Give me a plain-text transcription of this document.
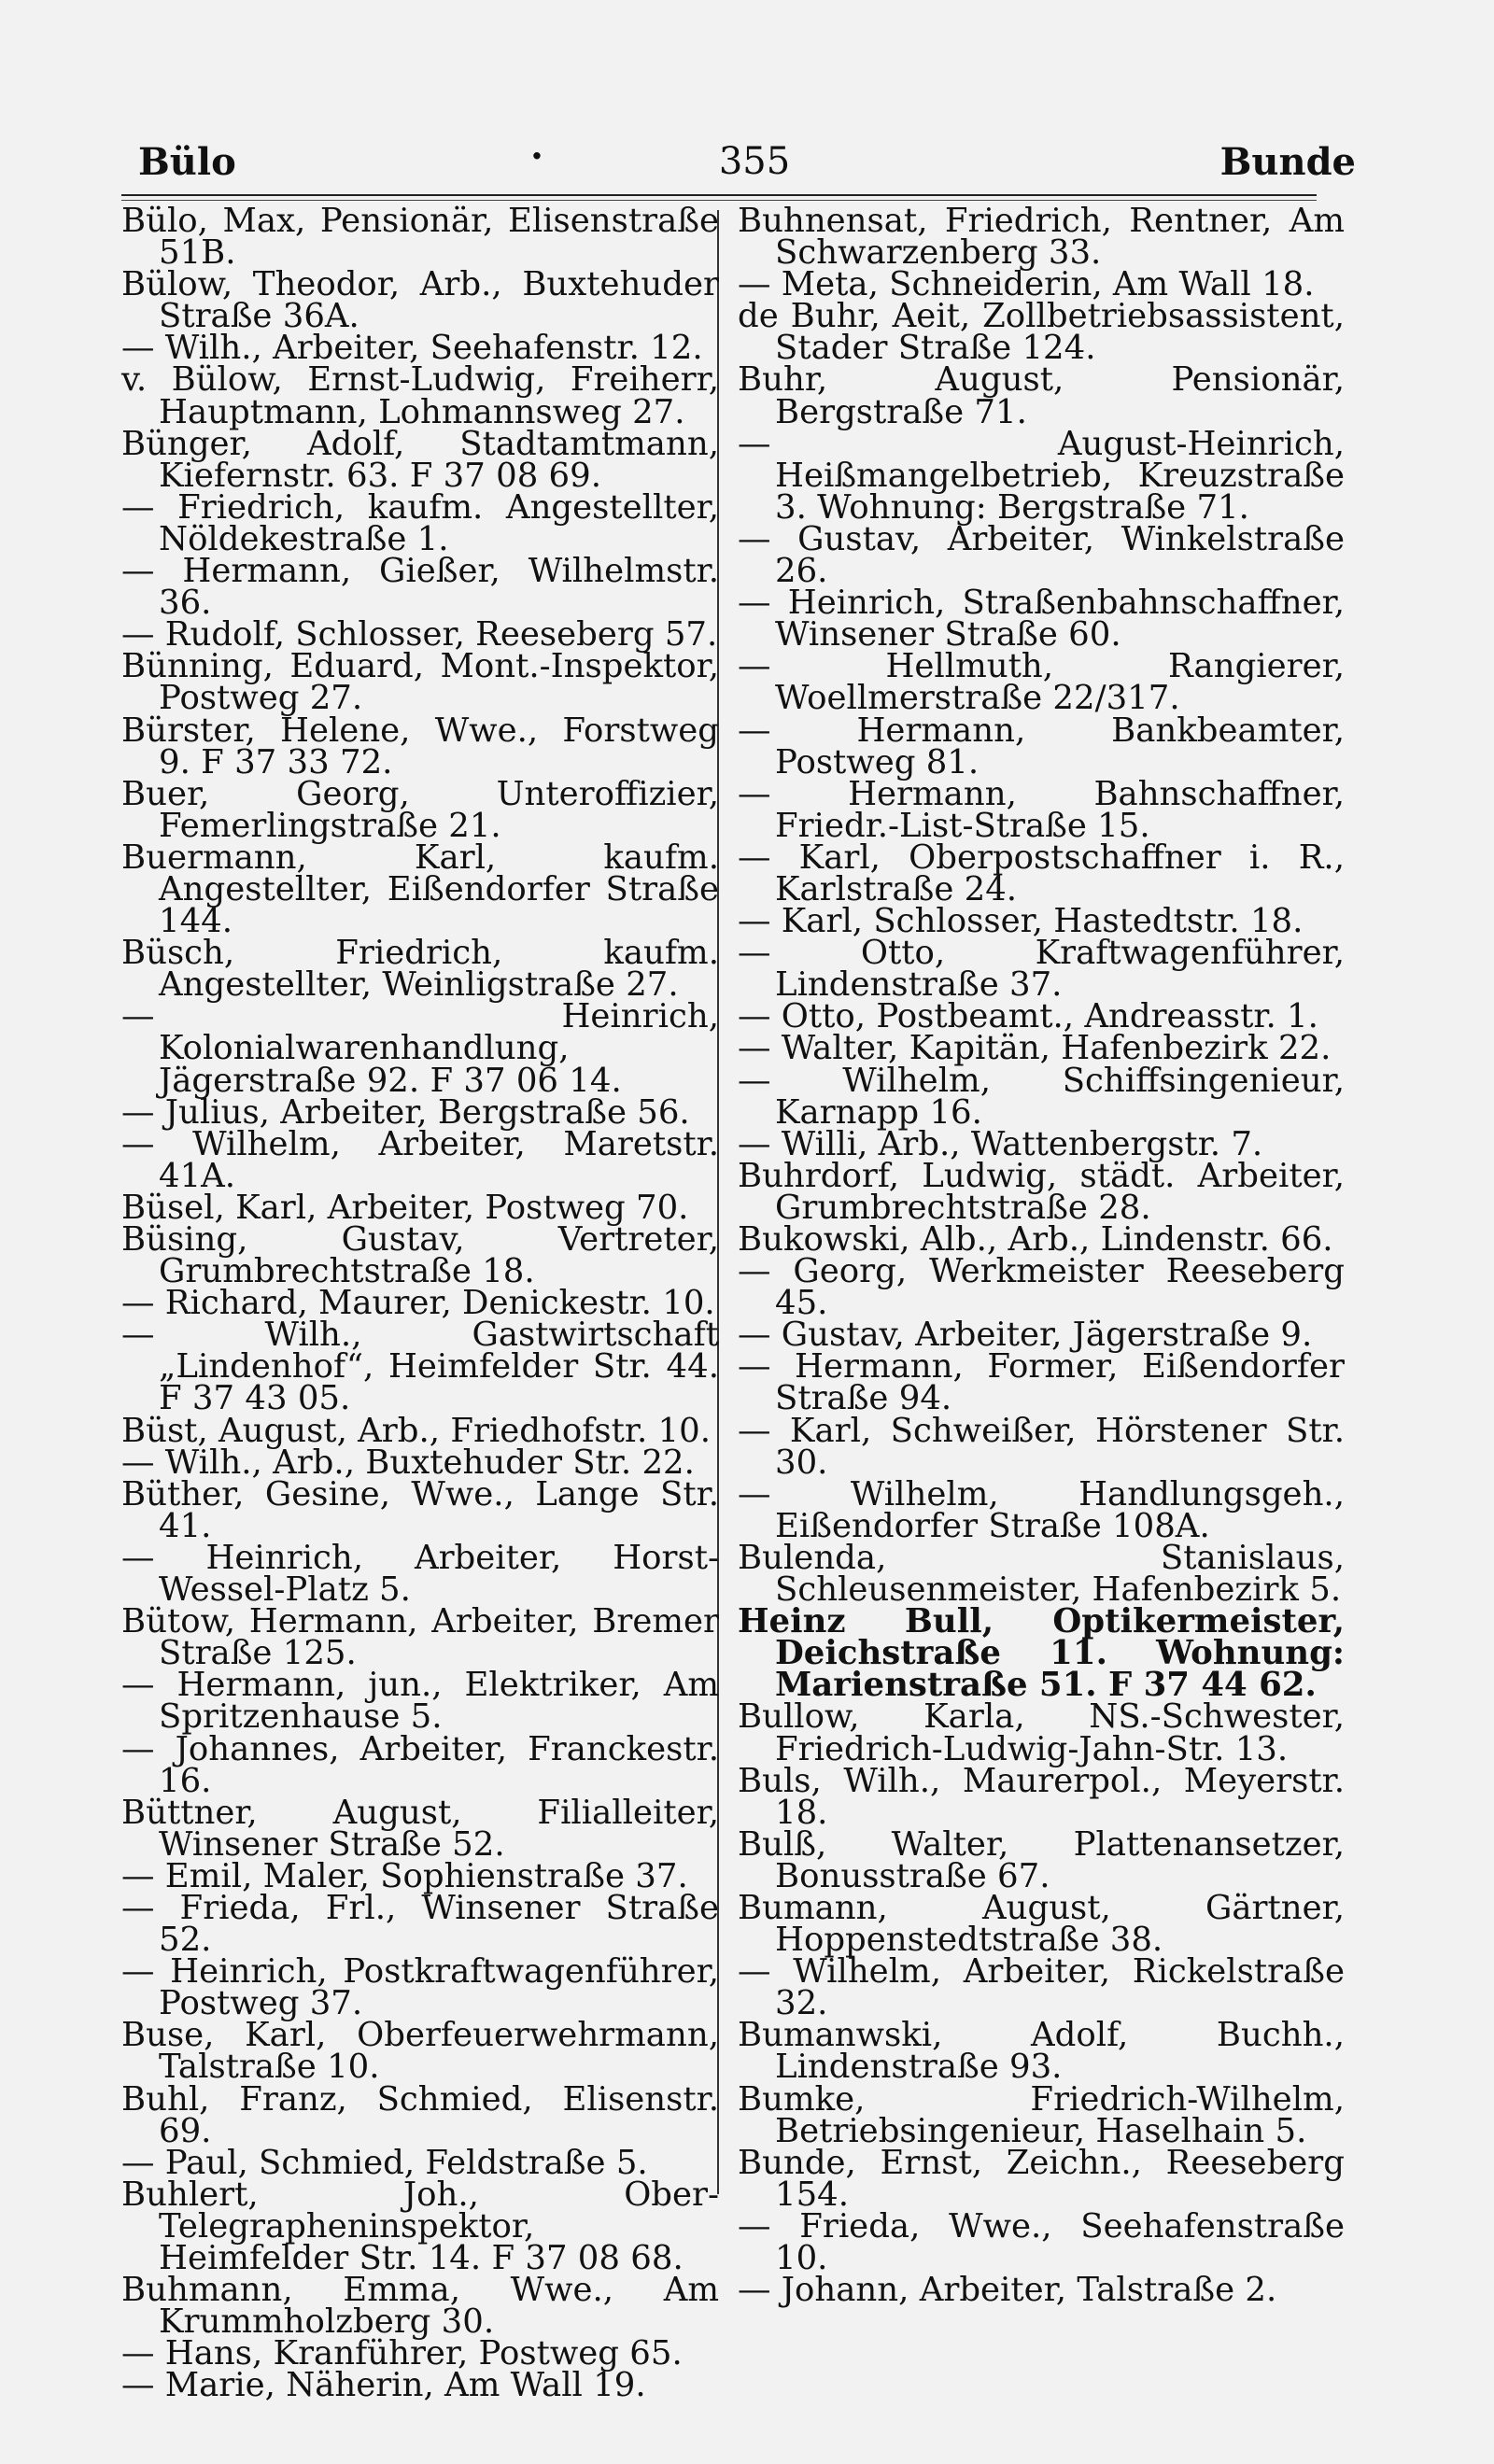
Bülo	·	355	Bunde

Bülo, Max, Pensionär, Elisenstraße 51B.

Bülow, Theodor, Arb., Buxtehuder Straße 36A.

— Wilh., Arbeiter, Seehafenstr. 12.

v. Bülow, Ernst-Ludwig, Freiherr, Hauptmann, Lohmannsweg 27.

Bünger, Adolf, Stadtamtmann, Kiefernstr. 63. F 37 08 69.

— Friedrich, kaufm. Angestellter, Nöldekestraße 1.

— Hermann, Gießer, Wilhelmstr. 36.

— Rudolf, Schlosser, Reeseberg 57.

Bünning, Eduard, Mont.-Inspektor, Postweg 27.

Bürster, Helene, Wwe., Forstweg 9. F 37 33 72.

Buer, Georg, Unteroffizier, Femerlingstraße 21.

Buermann, Karl, kaufm. Angestellter, Eißendorfer Straße 144.

Büsch, Friedrich, kaufm. Angestellter, Weinligstraße 27.

— Heinrich, Kolonialwarenhandlung, Jägerstraße 92. F 37 06 14.

— Julius, Arbeiter, Bergstraße 56.

— Wilhelm, Arbeiter, Maretstr. 41A.

Büsel, Karl, Arbeiter, Postweg 70.

Büsing, Gustav, Vertreter, Grumbrechtstraße 18.

— Richard, Maurer, Denickestr. 10.

— Wilh., Gastwirtschaft „Lindenhof“, Heimfelder Str. 44. F 37 43 05.

Büst, August, Arb., Friedhofstr. 10.

— Wilh., Arb., Buxtehuder Str. 22.

Büther, Gesine, Wwe., Lange Str. 41.

— Heinrich, Arbeiter, Horst-Wessel-Platz 5.

Bütow, Hermann, Arbeiter, Bremer Straße 125.

— Hermann, jun., Elektriker, Am Spritzenhause 5.

— Johannes, Arbeiter, Franckestr. 16.

Büttner, August, Filialleiter, Winsener Straße 52.

— Emil, Maler, Sophienstraße 37.

— Frieda, Frl., Winsener Straße 52.

— Heinrich, Postkraftwagenführer, Postweg 37.

Buse, Karl, Oberfeuerwehrmann, Talstraße 10.

Buhl, Franz, Schmied, Elisenstr. 69.

— Paul, Schmied, Feldstraße 5.

Buhlert, Joh., Ober-Telegrapheninspektor, Heimfelder Str. 14. F 37 08 68.

Buhmann, Emma, Wwe., Am Krummholzberg 30.

— Hans, Kranführer, Postweg 65.

— Marie, Näherin, Am Wall 19.

Buhnensat, Friedrich, Rentner, Am Schwarzenberg 33.

— Meta, Schneiderin, Am Wall 18.

de Buhr, Aeit, Zollbetriebsassistent, Stader Straße 124.

Buhr, August, Pensionär, Bergstraße 71.

— August-Heinrich, Heißmangelbetrieb, Kreuzstraße 3. Wohnung: Bergstraße 71.

— Gustav, Arbeiter, Winkelstraße 26.

— Heinrich, Straßenbahnschaffner, Winsener Straße 60.

— Hellmuth, Rangierer, Woellmerstraße 22/317.

— Hermann, Bankbeamter, Postweg 81.

— Hermann, Bahnschaffner, Friedr.-List-Straße 15.

— Karl, Oberpostschaffner i. R., Karlstraße 24.

— Karl, Schlosser, Hastedtstr. 18.

— Otto, Kraftwagenführer, Lindenstraße 37.

— Otto, Postbeamt., Andreasstr. 1.

— Walter, Kapitän, Hafenbezirk 22.

— Wilhelm, Schiffsingenieur, Karnapp 16.

— Willi, Arb., Wattenbergstr. 7.

Buhrdorf, Ludwig, städt. Arbeiter, Grumbrechtstraße 28.

Bukowski, Alb., Arb., Lindenstr. 66.

— Georg, Werkmeister Reeseberg 45.

— Gustav, Arbeiter, Jägerstraße 9.

— Hermann, Former, Eißendorfer Straße 94.

— Karl, Schweißer, Hörstener Str. 30.

— Wilhelm, Handlungsgeh., Eißendorfer Straße 108A.

Bulenda, Stanislaus, Schleusenmeister, Hafenbezirk 5.

Heinz Bull, Optikermeister, Deichstraße 11. Wohnung: Marienstraße 51. F 37 44 62.

Bullow, Karla, NS.-Schwester, Friedrich-Ludwig-Jahn-Str. 13.

Buls, Wilh., Maurerpol., Meyerstr. 18.

Bulß, Walter, Plattenansetzer, Bonusstraße 67.

Bumann, August, Gärtner, Hoppenstedtstraße 38.

— Wilhelm, Arbeiter, Rickelstraße 32.

Bumanwski, Adolf, Buchh., Lindenstraße 93.

Bumke, Friedrich-Wilhelm, Betriebsingenieur, Haselhain 5.

Bunde, Ernst, Zeichn., Reeseberg 154.

— Frieda, Wwe., Seehafenstraße 10.

— Johann, Arbeiter, Talstraße 2.
